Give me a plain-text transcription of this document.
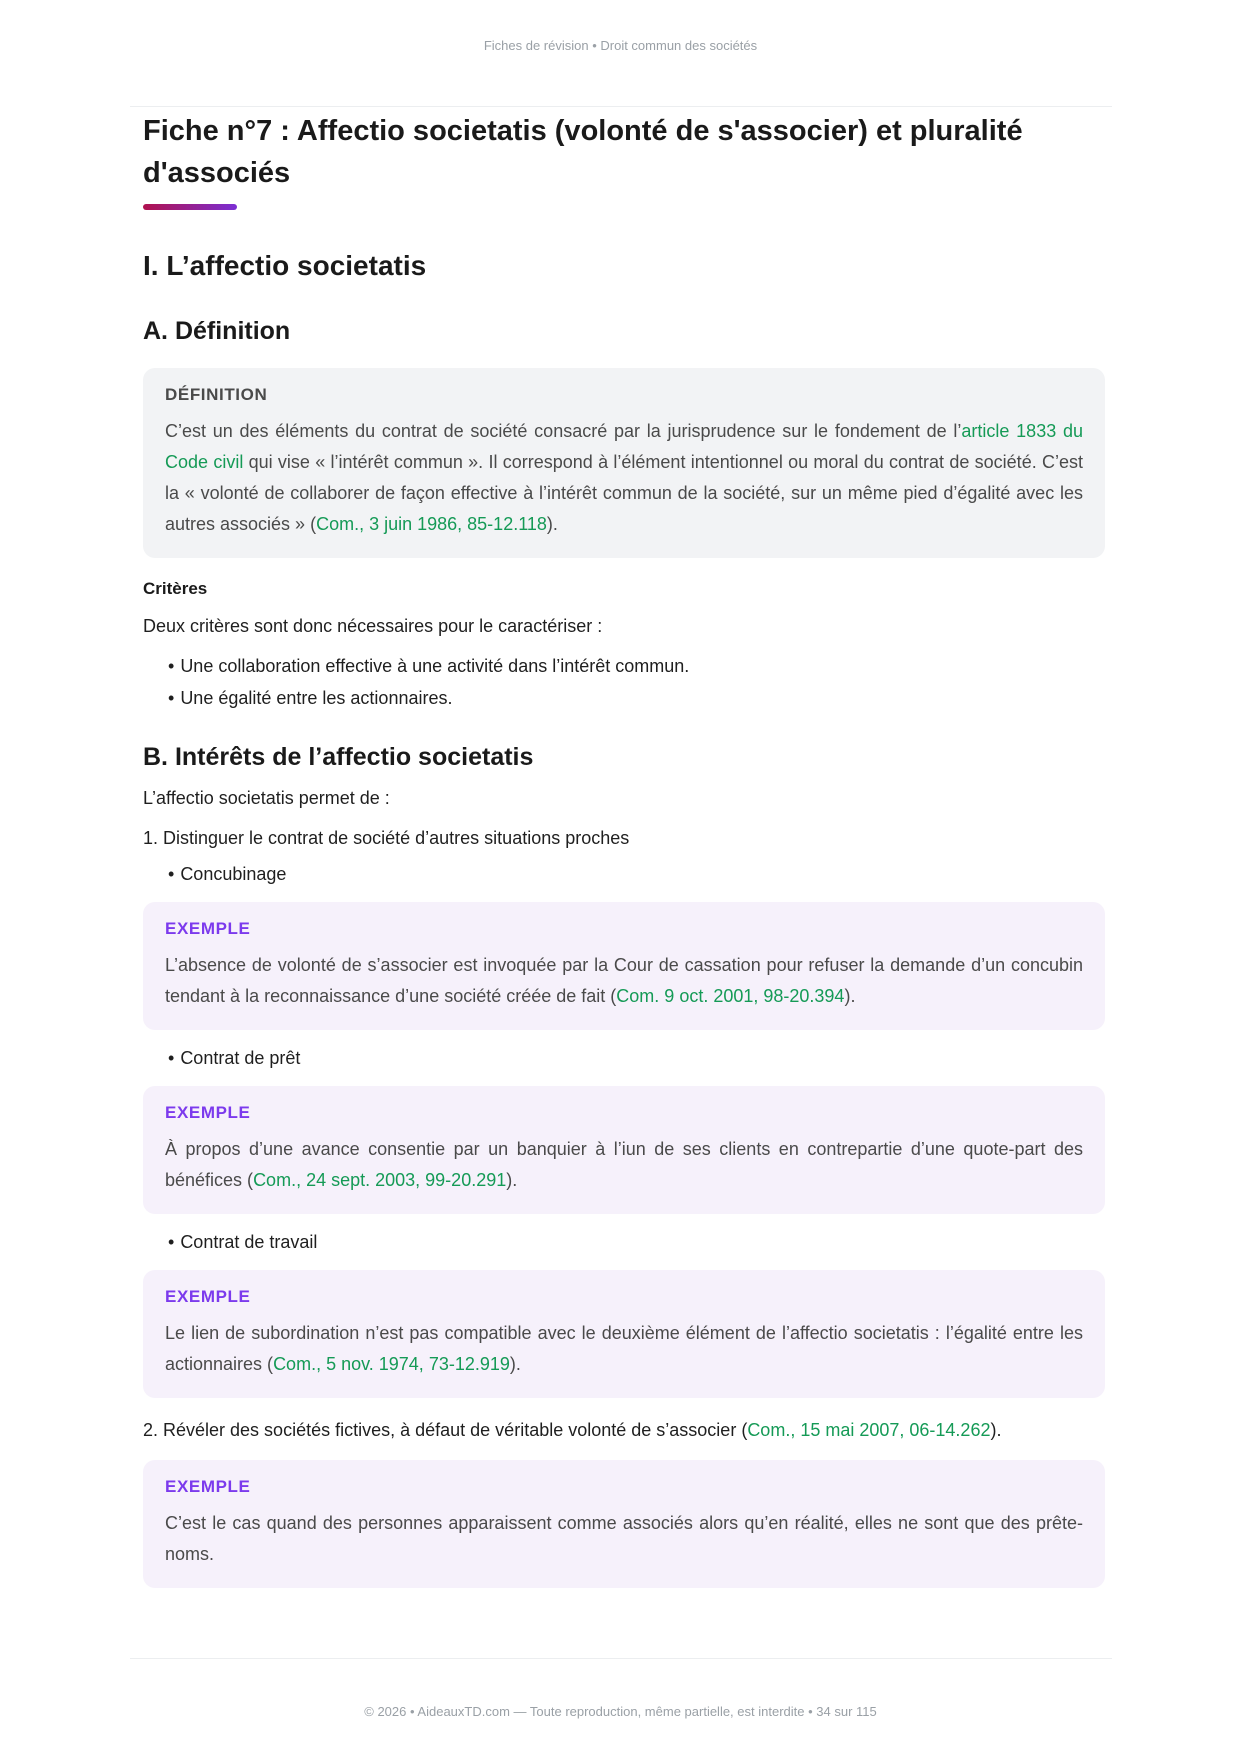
Fiches de révision • Droit commun des sociétés
Fiche n°7 : Affectio societatis (volonté de s'associer) et pluralité d'associés
I. L’affectio societatis
A. Définition
DÉFINITION
C’est un des éléments du contrat de société consacré par la jurisprudence sur le fondement de l’article 1833 du Code civil qui vise « l’intérêt commun ». Il correspond à l’élément intentionnel ou moral du contrat de société. C’est la « volonté de collaborer de façon effective à l’intérêt commun de la société, sur un même pied d’égalité avec les autres associés » (Com., 3 juin 1986, 85-12.118).
Critères

Deux critères sont donc nécessaires pour le caractériser :

• Une collaboration effective à une activité dans l’intérêt commun.
• Une égalité entre les actionnaires.
B. Intérêts de l’affectio societatis

L’affectio societatis permet de :

1. Distinguer le contrat de société d’autres situations proches

• Concubinage
EXEMPLE
L’absence de volonté de s’associer est invoquée par la Cour de cassation pour refuser la demande d’un concubin tendant à la reconnaissance d’une société créée de fait (Com. 9 oct. 2001, 98-20.394).
• Contrat de prêt
EXEMPLE
À propos d’une avance consentie par un banquier à l’iun de ses clients en contrepartie d’une quote-part des bénéfices (Com., 24 sept. 2003, 99-20.291).
• Contrat de travail
EXEMPLE
Le lien de subordination n’est pas compatible avec le deuxième élément de l’affectio societatis : l’égalité entre les actionnaires (Com., 5 nov. 1974, 73-12.919).

2. Révéler des sociétés fictives, à défaut de véritable volonté de s’associer (Com., 15 mai 2007, 06-14.262).

EXEMPLE
C’est le cas quand des personnes apparaissent comme associés alors qu’en réalité, elles ne sont que des prête-noms.
© 2026 • AideauxTD.com — Toute reproduction, même partielle, est interdite • 34 sur 115
